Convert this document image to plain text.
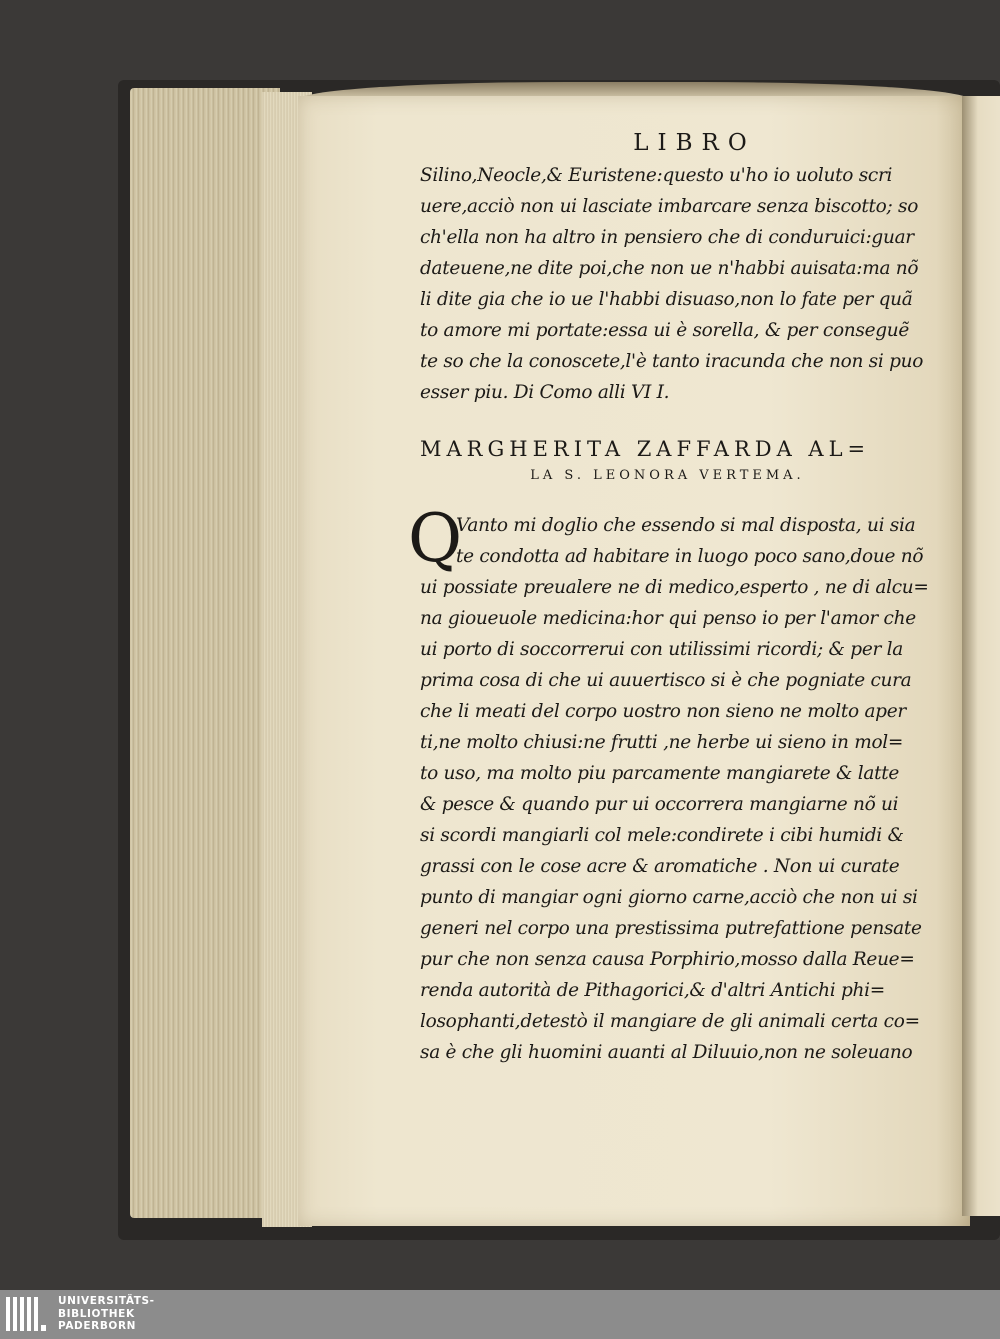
LIBRO
Silino,Neocle,& Euristene:questo u'ho io uoluto scri
uere,acciò non ui lasciate imbarcare senza biscotto; so
ch'ella non ha altro in pensiero che di conduruici:guar
dateuene,ne dite poi,che non ue n'habbi auisata:ma nõ
li dite gia che io ue l'habbi disuaso,non lo fate per quã
to amore mi portate:essa ui è sorella, & per conseguẽ
te so che la conoscete,l'è tanto iracunda che non si puo
esser piu. Di Como alli VI I.
MARGHERITA ZAFFARDA AL=
LA S. LEONORA VERTEMA.
Q
Vanto mi doglio che essendo si mal disposta, ui sia
te condotta ad habitare in luogo poco sano,doue nõ
ui possiate preualere ne di medico,esperto , ne di alcu=
na gioueuole medicina:hor qui penso io per l'amor che
ui porto di soccorrerui con utilissimi ricordi; & per la
prima cosa di che ui auuertisco si è che pogniate cura
che li meati del corpo uostro non sieno ne molto aper
ti,ne molto chiusi:ne frutti ,ne herbe ui sieno in mol=
to uso, ma molto piu parcamente mangiarete & latte
& pesce & quando pur ui occorrera mangiarne nõ ui
si scordi mangiarli col mele:condirete i cibi humidi &
grassi con le cose acre & aromatiche . Non ui curate
punto di mangiar ogni giorno carne,acciò che non ui si
generi nel corpo una prestissima putrefattione pensate
pur che non senza causa Porphirio,mosso dalla Reue=
renda autorità de Pithagorici,& d'altri Antichi phi=
losophanti,detestò il mangiare de gli animali certa co=
sa è che gli huomini auanti al Diluuio,non ne soleuano
UNIVERSITÄTS-
BIBLIOTHEK
PADERBORN
